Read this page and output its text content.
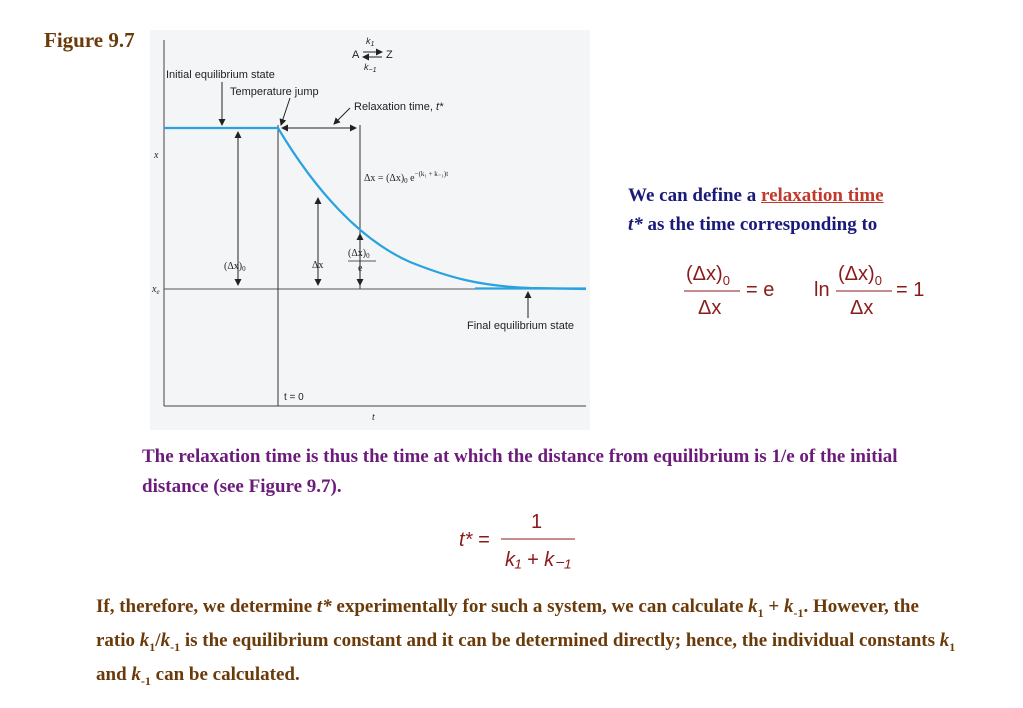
Figure 9.7
A Z
$k_1$
$k_{-1}$
Initial equilibrium state
Temperature jump
Relaxation time, t*
Final equilibrium state
x
$x_e$
t
t = 0
$(\Delta x)_0$	Δx
$(\Delta x)_0$
e
$\Delta x = (\Delta x)_0$ $e^{-(k_1 + k_{-1})t}$
We can define a relaxation time
t* as the time corresponding to
$(\Delta x)_0$
Δx
= e ln
$(\Delta x)_0$
Δx
= 1
The relaxation time is thus the time at which the distance from equilibrium is 1/e of the initial distance (see Figure 9.7).
t* =
1
k₁ + k₋₁
If, therefore, we determine t* experimentally for such a system, we can calculate $k_1 + k_{-1}$. However, the ratio $k_1/k_{-1}$ is the equilibrium constant and it can be determined directly; hence, the individual constants $k_1$ and $k_{-1}$ can be calculated.
